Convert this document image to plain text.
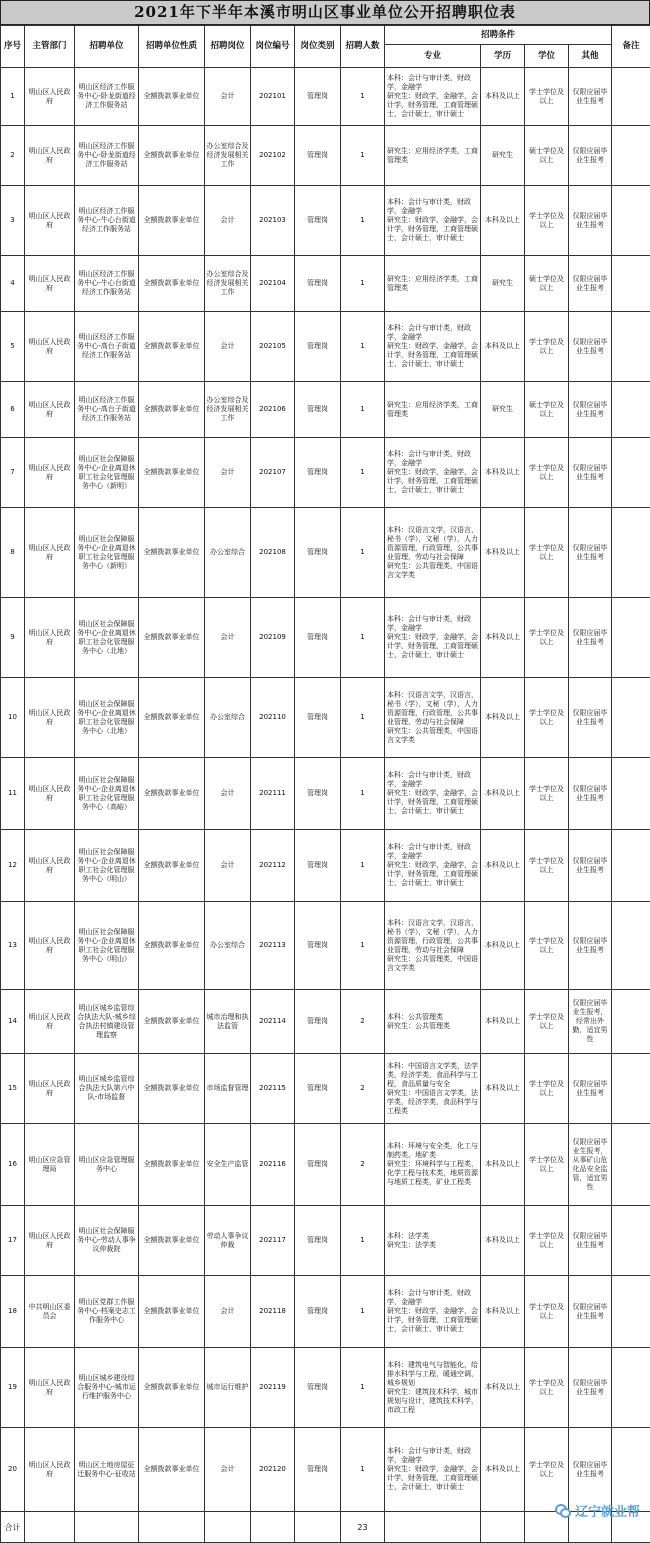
2021年下半年本溪市明山区事业单位公开招聘职位表
序号	主管部门	招聘单位	招聘单位性质	招聘岗位	岗位编号	岗位类别	招聘人数	招聘条件				备注
								专业	学历	学位	其他	
1	明山区人民政府	明山区经济工作服务中心-卧龙街道经济工作服务站	全额拨款事业单位	会计	202101	管理岗	1	本科：会计与审计类，财政学，金融学
研究生：财政学，金融学，会计学，财务管理，工商管理硕士，会计硕士，审计硕士	本科及以上	学士学位及以上	仅限应届毕业生报考	
2	明山区人民政府	明山区经济工作服务中心-卧龙街道经济工作服务站	全额拨款事业单位	办公室综合及经济发展相关工作	202102	管理岗	1	研究生：应用经济学类，工商管理类	研究生	硕士学位及以上	仅限应届毕业生报考	
3	明山区人民政府	明山区经济工作服务中心-牛心台街道经济工作服务站	全额拨款事业单位	会计	202103	管理岗	1	本科：会计与审计类，财政学，金融学
研究生：财政学，金融学，会计学，财务管理，工商管理硕士，会计硕士，审计硕士	本科及以上	学士学位及以上	仅限应届毕业生报考	
4	明山区人民政府	明山区经济工作服务中心-牛心台街道经济工作服务站	全额拨款事业单位	办公室综合及经济发展相关工作	202104	管理岗	1	研究生：应用经济学类，工商管理类	研究生	硕士学位及以上	仅限应届毕业生报考	
5	明山区人民政府	明山区经济工作服务中心-高台子街道经济工作服务站	全额拨款事业单位	会计	202105	管理岗	1	本科：会计与审计类，财政学，金融学
研究生：财政学，金融学，会计学，财务管理，工商管理硕士，会计硕士，审计硕士	本科及以上	学士学位及以上	仅限应届毕业生报考	
6	明山区人民政府	明山区经济工作服务中心-高台子街道经济工作服务站	全额拨款事业单位	办公室综合及经济发展相关工作	202106	管理岗	1	研究生：应用经济学类，工商管理类	研究生	硕士学位及以上	仅限应届毕业生报考	
7	明山区人民政府	明山区社会保障服务中心-企业离退休职工社会化管理服务中心（新明）	全额拨款事业单位	会计	202107	管理岗	1	本科：会计与审计类，财政学，金融学
研究生：财政学，金融学，会计学，财务管理，工商管理硕士，会计硕士，审计硕士	本科及以上	学士学位及以上	仅限应届毕业生报考	
8	明山区人民政府	明山区社会保障服务中心-企业离退休职工社会化管理服务中心（新明）	全额拨款事业单位	办公室综合	202108	管理岗	1	本科：汉语言文学，汉语言，秘书（学），文秘（学），人力资源管理，行政管理，公共事业管理，劳动与社会保障
研究生：公共管理类，中国语言文学类	本科及以上	学士学位及以上	仅限应届毕业生报考	
9	明山区人民政府	明山区社会保障服务中心-企业离退休职工社会化管理服务中心（北地）	全额拨款事业单位	会计	202109	管理岗	1	本科：会计与审计类，财政学，金融学
研究生：财政学，金融学，会计学，财务管理，工商管理硕士，会计硕士，审计硕士	本科及以上	学士学位及以上	仅限应届毕业生报考	
10	明山区人民政府	明山区社会保障服务中心-企业离退休职工社会化管理服务中心（北地）	全额拨款事业单位	办公室综合	202110	管理岗	1	本科：汉语言文学，汉语言，秘书（学），文秘（学），人力资源管理，行政管理，公共事业管理，劳动与社会保障
研究生：公共管理类，中国语言文学类	本科及以上	学士学位及以上	仅限应届毕业生报考	
11	明山区人民政府	明山区社会保障服务中心-企业离退休职工社会化管理服务中心（高峪）	全额拨款事业单位	会计	202111	管理岗	1	本科：会计与审计类，财政学，金融学
研究生：财政学，金融学，会计学，财务管理，工商管理硕士，会计硕士，审计硕士	本科及以上	学士学位及以上	仅限应届毕业生报考	
12	明山区人民政府	明山区社会保障服务中心-企业离退休职工社会化管理服务中心（明山）	全额拨款事业单位	会计	202112	管理岗	1	本科：会计与审计类，财政学，金融学
研究生：财政学，金融学，会计学，财务管理，工商管理硕士，会计硕士，审计硕士	本科及以上	学士学位及以上	仅限应届毕业生报考	
13	明山区人民政府	明山区社会保障服务中心-企业离退休职工社会化管理服务中心（明山）	全额拨款事业单位	办公室综合	202113	管理岗	1	本科：汉语言文学，汉语言，秘书（学），文秘（学），人力资源管理，行政管理，公共事业管理，劳动与社会保障
研究生：公共管理类，中国语言文学类	本科及以上	学士学位及以上	仅限应届毕业生报考	
14	明山区人民政府	明山区城乡监管综合执法大队-城乡综合执法村镇建设管理监察	全额拨款事业单位	城市治理和执法监管	202114	管理岗	2	本科：公共管理类
研究生：公共管理类	本科及以上	学士学位及以上	仅限应届毕业生报考，经常出外勤，适宜男性	
15	明山区人民政府	明山区城乡监管综合执法大队第六中队-市场监督	全额拨款事业单位	市场监督管理	202115	管理岗	2	本科：中国语言文学类，法学类，经济学类，食品科学与工程，食品质量与安全
研究生：中国语言文学类，法学类，经济学类，食品科学与工程类	本科及以上	学士学位及以上	仅限应届毕业生报考	
16	明山区应急管理局	明山区应急管理服务中心	全额拨款事业单位	安全生产监管	202116	管理岗	2	本科：环境与安全类，化工与制药类，地矿类
研究生：环境科学与工程类，化学工程与技术类，地质资源与地质工程类，矿业工程类	本科及以上	学士学位及以上	仅限应届毕业生报考，从事矿山危化品安全监管，适宜男性	
17	明山区人民政府	明山区社会保障服务中心-劳动人事争议仲裁院	全额拨款事业单位	劳动人事争议仲裁	202117	管理岗	1	本科：法学类
研究生：法学类	本科及以上	学士学位及以上	仅限应届毕业生报考	
18	中共明山区委员会	明山区党群工作服务中心-档案史志工作服务中心	全额拨款事业单位	会计	202118	管理岗	1	本科：会计与审计类，财政学，金融学
研究生：财政学，金融学，会计学，财务管理，工商管理硕士，会计硕士，审计硕士	本科及以上	学士学位及以上	仅限应届毕业生报考	
19	明山区人民政府	明山区城乡建设综合服务中心-城市运行维护服务中心	全额拨款事业单位	城市运行维护	202119	管理岗	1	本科：建筑电气与智能化，给排水科学与工程，暖通空调，城乡规划
研究生：建筑技术科学，城市规划与设计，建筑技术科学，市政工程	本科及以上	学士学位及以上	仅限应届毕业生报考	
20	明山区人民政府	明山区土地房屋征迁服务中心-征收站	全额拨款事业单位	会计	202120	管理岗	1	本科：会计与审计类，财政学，金融学
研究生：财政学，金融学，会计学，财务管理，工商管理硕士，会计硕士，审计硕士	本科及以上	学士学位及以上	仅限应届毕业生报考	
合计							23					
辽宁就业帮
